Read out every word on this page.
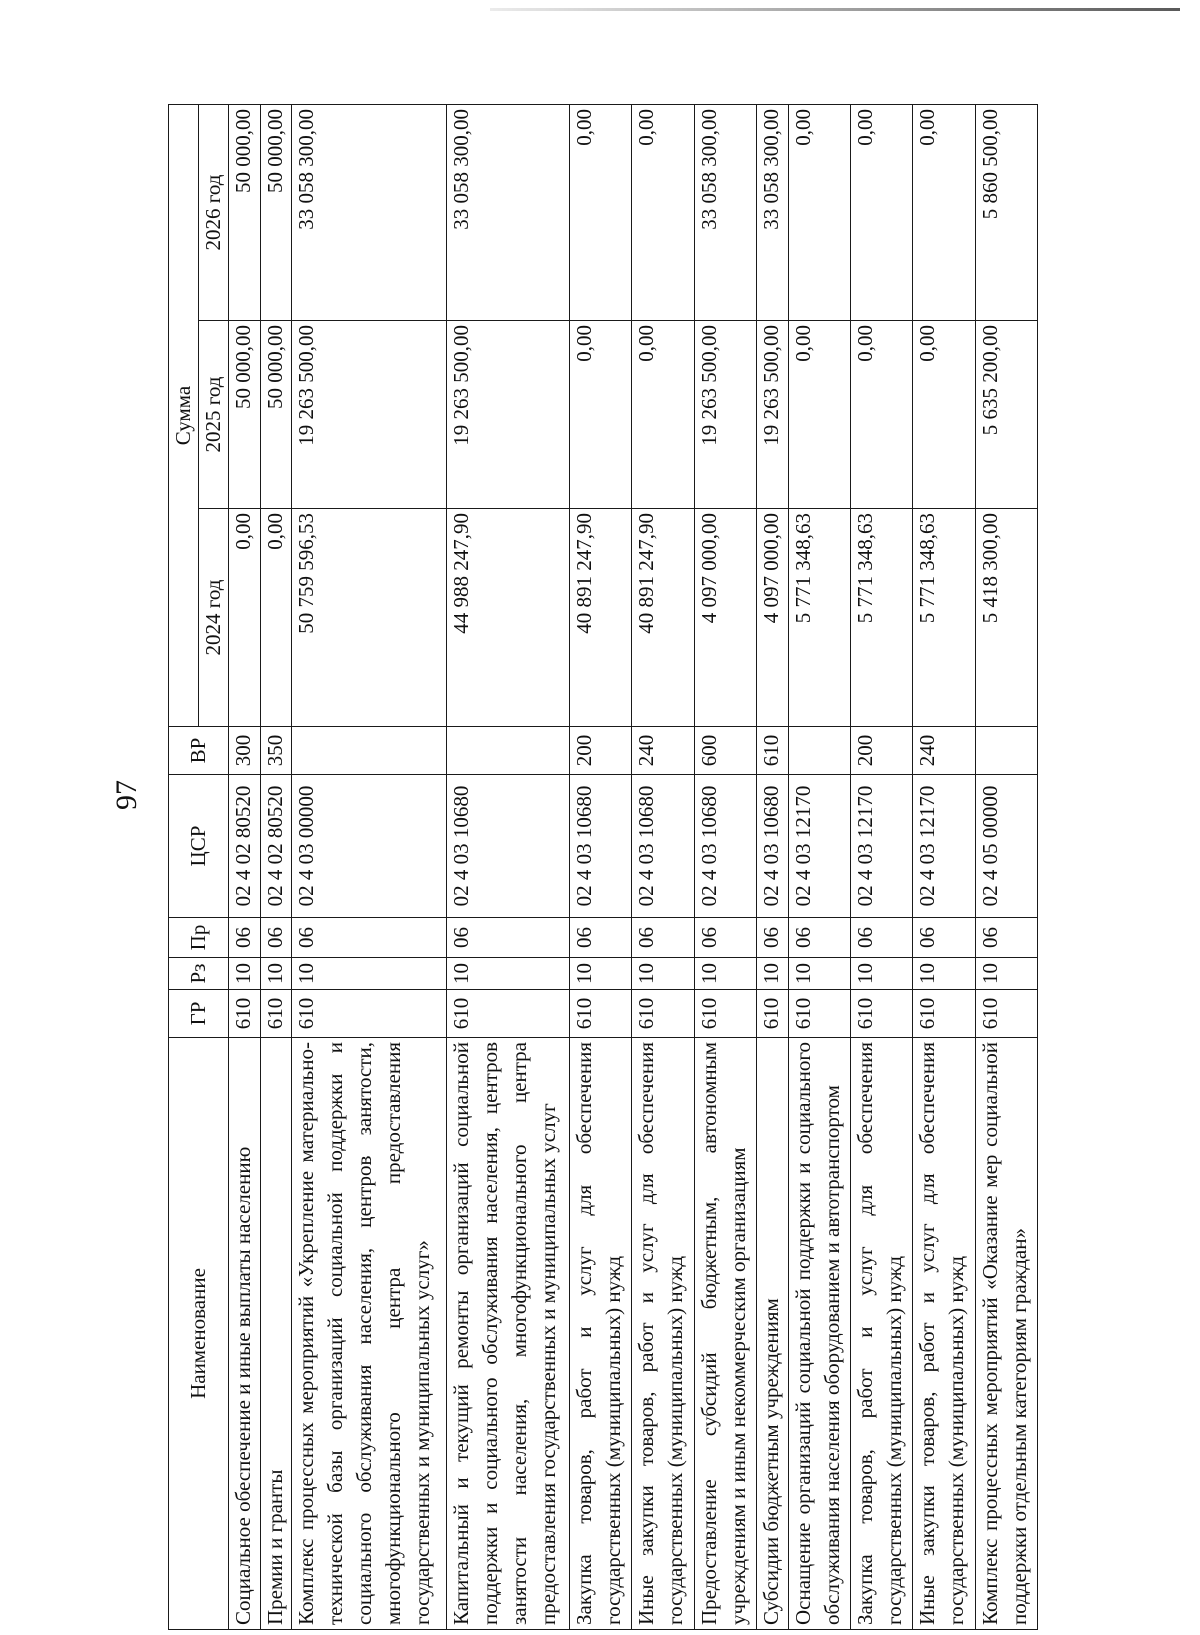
97
Наименование	ГР	Рз	Пр	ЦСР	ВР	Сумма		
						2024 год	2025 год	2026 год
Социальное обеспечение и иные выплаты населению	610	10	06	02 4 02 80520	300	0,00	50 000,00	50 000,00
Премии и гранты	610	10	06	02 4 02 80520	350	0,00	50 000,00	50 000,00
Комплекс процессных мероприятий «Укрепление материально-технической базы организаций социальной поддержки и социального обслуживания населения, центров занятости, многофункционального центра предоставления государственных и муниципальных услуг»	610	10	06	02 4 03 00000		50 759 596,53	19 263 500,00	33 058 300,00
Капитальный и текущий ремонты организаций социальной поддержки и социального обслуживания населения, центров занятости населения, многофункционального центра предоставления государственных и муниципальных услуг	610	10	06	02 4 03 10680		44 988 247,90	19 263 500,00	33 058 300,00
Закупка товаров, работ и услуг для обеспечения государственных (муниципальных) нужд	610	10	06	02 4 03 10680	200	40 891 247,90	0,00	0,00
Иные закупки товаров, работ и услуг для обеспечения государственных (муниципальных) нужд	610	10	06	02 4 03 10680	240	40 891 247,90	0,00	0,00
Предоставление субсидий бюджетным, автономным учреждениям и иным некоммерческим организациям	610	10	06	02 4 03 10680	600	4 097 000,00	19 263 500,00	33 058 300,00
Субсидии бюджетным учреждениям	610	10	06	02 4 03 10680	610	4 097 000,00	19 263 500,00	33 058 300,00
Оснащение организаций социальной поддержки и социального обслуживания населения оборудованием и автотранспортом	610	10	06	02 4 03 12170		5 771 348,63	0,00	0,00
Закупка товаров, работ и услуг для обеспечения государственных (муниципальных) нужд	610	10	06	02 4 03 12170	200	5 771 348,63	0,00	0,00
Иные закупки товаров, работ и услуг для обеспечения государственных (муниципальных) нужд	610	10	06	02 4 03 12170	240	5 771 348,63	0,00	0,00
Комплекс процессных мероприятий «Оказание мер социальной поддержки отдельным категориям граждан»	610	10	06	02 4 05 00000		5 418 300,00	5 635 200,00	5 860 500,00
